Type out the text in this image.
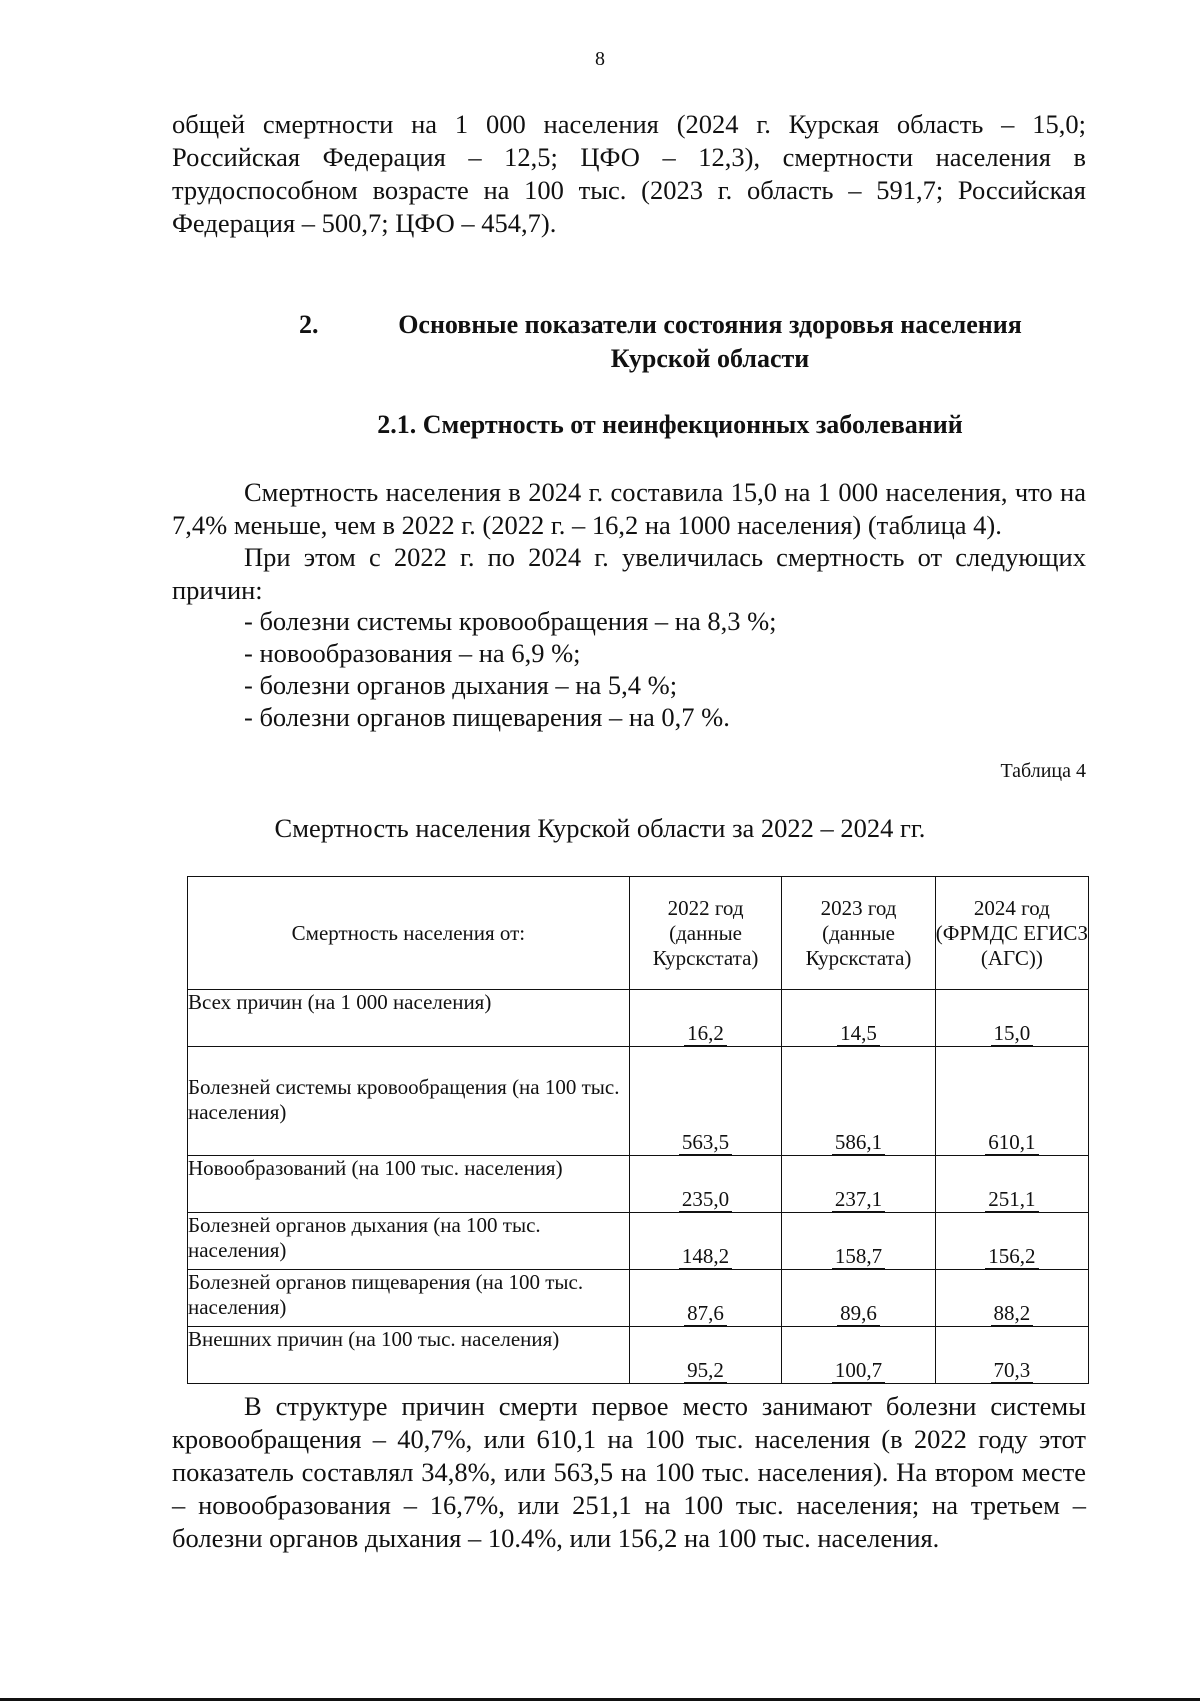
8

общей смертности на 1 000 населения (2024 г. Курская область – 15,0; Российская Федерация – 12,5; ЦФО – 12,3), смертности населения в трудоспособном возрасте на 100 тыс. (2023 г. область – 591,7; Российская Федерация – 500,7; ЦФО – 454,7).

2.	Основные показатели состояния здоровья населения Курской области
2.1. Смертность от неинфекционных заболеваний

Смертность населения в 2024 г. составила 15,0 на 1 000 населения, что на 7,4% меньше, чем в 2022 г. (2022 г. – 16,2 на 1000 населения) (таблица 4).

При этом с 2022 г. по 2024 г. увеличилась смертность от следующих причин:

- болезни системы кровообращения – на 8,3 %;
- новообразования – на 6,9 %;
- болезни органов дыхания – на 5,4 %;
- болезни органов пищеварения – на 0,7 %.
Таблица 4
Смертность населения Курской области за 2022 – 2024 гг.
Смертность населения от:	2022 год (данные Курскстата)	2023 год (данные Курскстата)	2024 год (ФРМДС ЕГИСЗ (АГС))
Всех причин (на 1 000 населения)	16,2	14,5	15,0
Болезней системы кровообращения (на 100 тыс. населения)	563,5	586,1	610,1
Новообразований (на 100 тыс. населения)	235,0	237,1	251,1
Болезней органов дыхания (на 100 тыс. населения)	148,2	158,7	156,2
Болезней органов пищеварения (на 100 тыс. населения)	87,6	89,6	88,2
Внешних причин (на 100 тыс. населения)	95,2	100,7	70,3

В структуре причин смерти первое место занимают болезни системы кровообращения – 40,7%, или 610,1 на 100 тыс. населения (в 2022 году этот показатель составлял 34,8%, или 563,5 на 100 тыс. населения). На втором месте – новообразования – 16,7%, или 251,1 на 100 тыс. населения; на третьем – болезни органов дыхания – 10.4%, или 156,2 на 100 тыс. населения.
